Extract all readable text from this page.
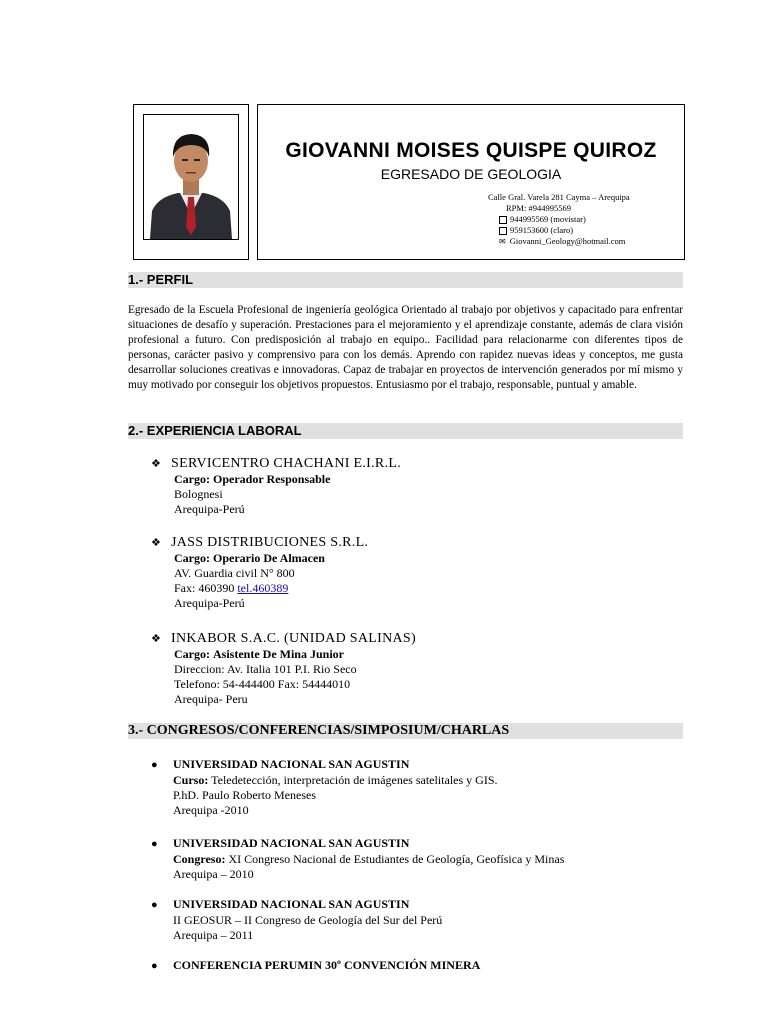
GIOVANNI MOISES QUISPE QUIROZ
EGRESADO DE GEOLOGIA
Calle Gral. Varela 281 Cayma – Arequipa
RPM: #944995569
944995569 (movistar)
959153600 (claro)
✉ Giovanni_Geology@hotmail.com
1.- PERFIL
Egresado de la Escuela Profesional de ingeniería geológica Orientado al trabajo por objetivos y capacitado para enfrentar situaciones de desafío y superación. Prestaciones para el mejoramiento y el aprendizaje constante, además de clara visión profesional a futuro. Con predisposición al trabajo en equipo.. Facilidad para relacionarme con diferentes tipos de personas, carácter pasivo y comprensivo para con los demás. Aprendo con rapidez nuevas ideas y conceptos, me gusta desarrollar soluciones creativas e innovadoras. Capaz de trabajar en proyectos de intervención generados por mí mismo y muy motivado por conseguir los objetivos propuestos. Entusiasmo por el trabajo, responsable, puntual y amable.
2.- EXPERIENCIA LABORAL
❖ SERVICENTRO CHACHANI E.I.R.L.
Cargo: Operador Responsable
Bolognesi
Arequipa-Perú
❖ JASS DISTRIBUCIONES S.R.L.
Cargo: Operario De Almacen
AV. Guardia civil N° 800
Fax: 460390 tel.460389
Arequipa-Perú
❖ INKABOR S.A.C. (UNIDAD SALINAS)
Cargo: Asistente De Mina Junior
Direccion: Av. Italia 101 P.I. Rio Seco
Telefono: 54-444400 Fax: 54444010
Arequipa- Peru
3.- CONGRESOS/CONFERENCIAS/SIMPOSIUM/CHARLAS
● UNIVERSIDAD NACIONAL SAN AGUSTIN
Curso: Teledetección, interpretación de imágenes satelitales y GIS.
P.hD. Paulo Roberto Meneses
Arequipa -2010
● UNIVERSIDAD NACIONAL SAN AGUSTIN
Congreso: XI Congreso Nacional de Estudiantes de Geología, Geofísica y Minas
Arequipa – 2010
● UNIVERSIDAD NACIONAL SAN AGUSTIN
II GEOSUR – II Congreso de Geología del Sur del Perú
Arequipa – 2011
● CONFERENCIA PERUMIN 30º CONVENCIÓN MINERA
